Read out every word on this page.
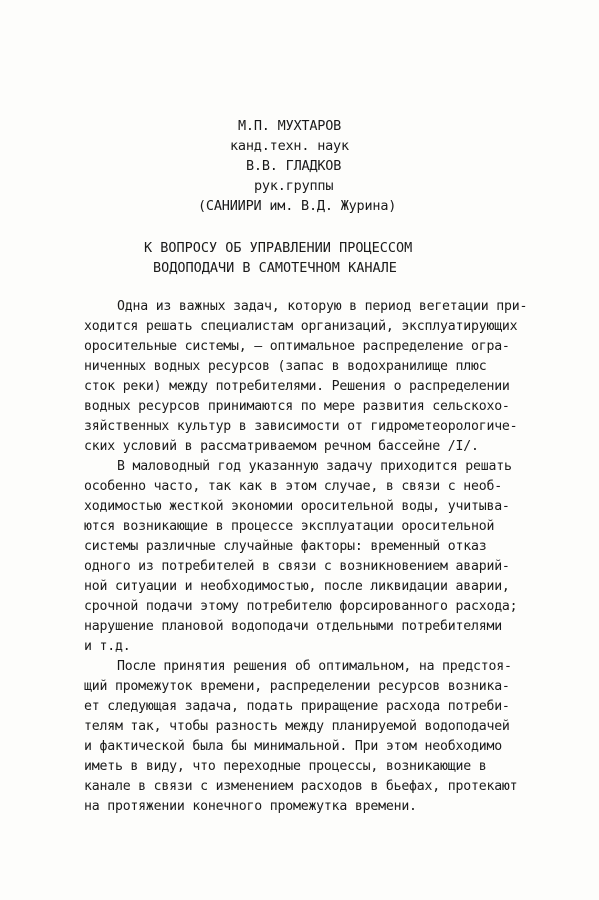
М.П. МУХТАРОВ
канд.техн. наук
В.В. ГЛАДКОВ
рук.группы
(САНИИРИ им. В.Д. Журина)
К ВОПРОСУ ОБ УПРАВЛЕНИИ ПРОЦЕССОМ
ВОДОПОДАЧИ В САМОТЕЧНОМ КАНАЛЕ
Одна из важных задач, которую в период вегетации при-
ходится решать специалистам организаций, эксплуатирующих
оросительные системы, – оптимальное распределение огра-
ниченных водных ресурсов (запас в водохранилище плюс
сток реки) между потребителями. Решения о распределении
водных ресурсов принимаются по мере развития сельскохо-
зяйственных культур в зависимости от гидрометеорологиче-
ских условий в рассматриваемом речном бассейне /I/.
В маловодный год указанную задачу приходится решать
особенно часто, так как в этом случае, в связи с необ-
ходимостью жесткой экономии оросительной воды, учитыва-
ются возникающие в процессе эксплуатации оросительной
системы различные случайные факторы: временный отказ
одного из потребителей в связи с возникновением аварий-
ной ситуации и необходимостью, после ликвидации аварии,
срочной подачи этому потребителю форсированного расхода;
нарушение плановой водоподачи отдельными потребителями
и т.д.
После принятия решения об оптимальном, на предстоя-
щий промежуток времени, распределении ресурсов возника-
ет следующая задача, подать приращение расхода потреби-
телям так, чтобы разность между планируемой водоподачей
и фактической была бы минимальной. При этом необходимо
иметь в виду, что переходные процессы, возникающие в
канале в связи с изменением расходов в бьефах, протекают
на протяжении конечного промежутка времени.
